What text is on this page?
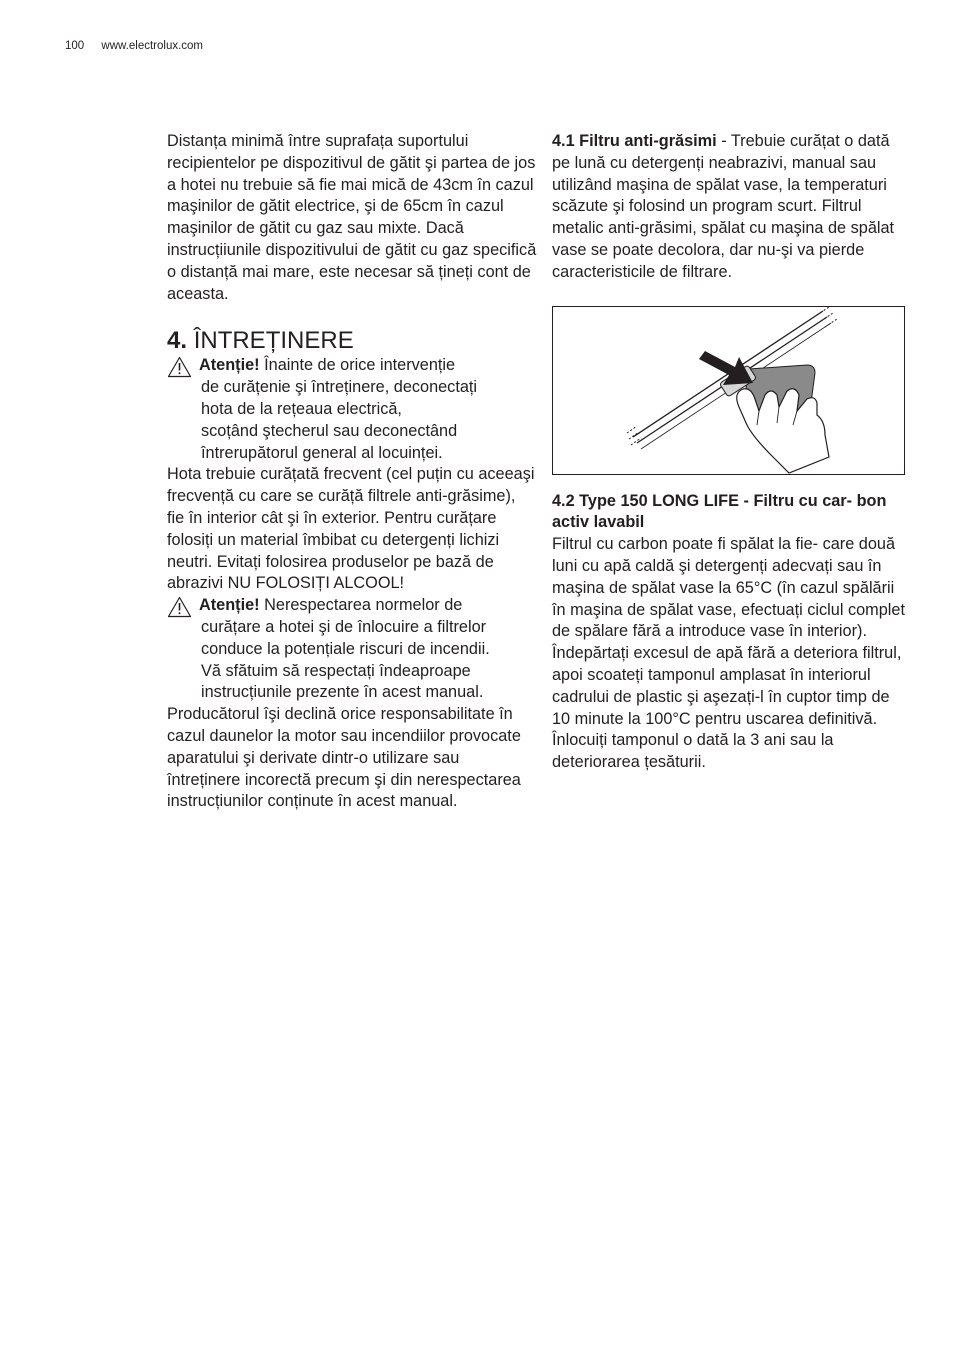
100 www.electrolux.com

Distanța minimă între suprafața suportului recipientelor pe dispozitivul de gătit şi partea de jos a hotei nu trebuie să fie mai mică de 43cm în cazul maşinilor de gătit electrice, şi de 65cm în cazul maşinilor de gătit cu gaz sau mixte. Dacă instrucțiiunile dispozitivului de gătit cu gaz specifică o distanță mai mare, este necesar să țineți cont de aceasta.

4. ÎNTREȚINERE
Atenție! Înainte de orice intervenție
de curățenie şi întreținere, deconectați
hota de la rețeaua electrică,
scoțând ştecherul sau deconectând
întrerupătorul general al locuinței.

Hota trebuie curățată frecvent (cel puțin cu aceeaşi frecvență cu care se curăță filtrele anti-grăsime), fie în interior cât şi în exterior. Pentru curățare folosiți un material îmbibat cu detergenți lichizi neutri. Evitați folosirea produselor pe bază de abrazivi NU FOLOSIȚI ALCOOL!

Atenție! Nerespectarea normelor de
curățare a hotei şi de înlocuire a filtrelor
conduce la potențiale riscuri de incendii.
Vă sfătuim să respectați îndeaproape
instrucțiunile prezente în acest manual.

Producătorul îşi declină orice responsabilitate în cazul daunelor la motor sau incendiilor provocate aparatului şi derivate dintr-o utilizare sau întreținere incorectă precum şi din nerespectarea instrucțiunilor conținute în acest manual.

4.1 Filtru anti-grăsimi - Trebuie curățat o dată pe lună cu detergenți neabrazivi, manual sau utilizând maşina de spălat vase, la temperaturi scăzute şi folosind un program scurt. Filtrul metalic anti-grăsimi, spălat cu maşina de spălat vase se poate decolora, dar nu-şi va pierde caracteristicile de filtrare.

4.2 Type 150 LONG LIFE - Filtru cu car- bon activ lavabil

Filtrul cu carbon poate fi spălat la fie- care două luni cu apă caldă şi detergenți adecvați sau în maşina de spălat vase la 65°C (în cazul spălării în maşina de spălat vase, efectuați ciclul complet de spălare fără a introduce vase în interior). Îndepărtați excesul de apă fără a deteriora filtrul, apoi scoateți tamponul amplasat în interiorul cadrului de plastic şi aşezați-l în cuptor timp de 10 minute la 100°C pentru uscarea definitivă. Înlocuiți tamponul o dată la 3 ani sau la deteriorarea țesăturii.
